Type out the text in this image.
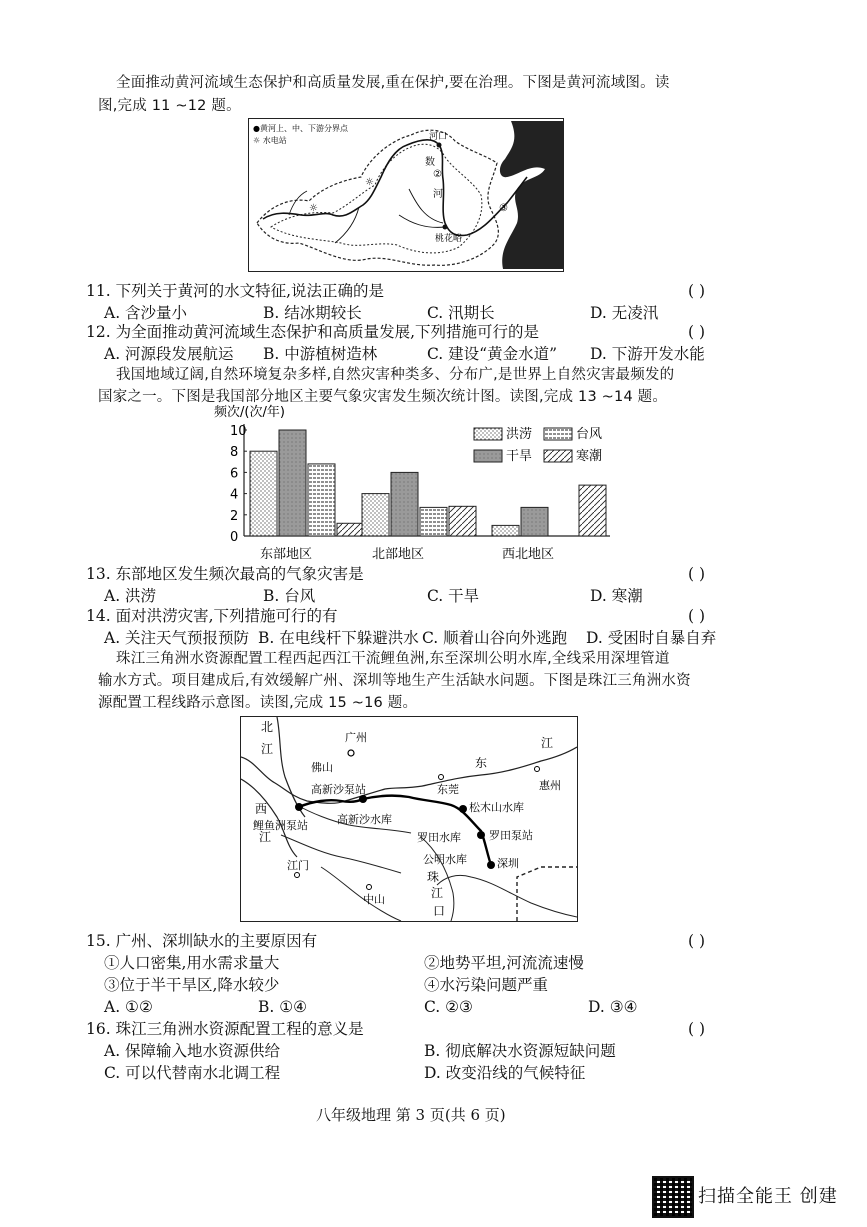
全面推动黄河流域生态保护和高质量发展,重在保护,要在治理。下图是黄河流域图。读
图,完成 11 ~12 题。
☼
☼
●黄河上、中、下游分界点
☼ 水电站	河口
数
河
②
③
桃花峪
11. 下列关于黄河的水文特征,说法正确的是	( )
A. 含沙量小	B. 结冰期较长	C. 汛期长	D. 无凌汛
12. 为全面推动黄河流域生态保护和高质量发展,下列措施可行的是	( )
A. 河源段发展航运 B. 中游植树造林	C. 建设“黄金水道” D. 下游开发水能
我国地域辽阔,自然环境复杂多样,自然灾害种类多、分布广,是世界上自然灾害最频发的
国家之一。下图是我国部分地区主要气象灾害发生频次统计图。读图,完成 13 ~14 题。
频次/(次/年)
0
2
4
6
8
10	洪涝	台风
干旱	寒潮
东部地区	北部地区	西北地区
13. 东部地区发生频次最高的气象灾害是	( )
A. 洪涝	B. 台风	C. 干旱	D. 寒潮
14. 面对洪涝灾害,下列措施可行的有	( )
A. 关注天气预报预防 B. 在电线杆下躲避洪水 C. 顺着山谷向外逃跑 D. 受困时自暴自弃
珠江三角洲水资源配置工程西起西江干流鲤鱼洲,东至深圳公明水库,全线采用深埋管道
输水方式。项目建成后,有效缓解广州、深圳等地生产生活缺水问题。下图是珠江三角洲水资
源配置工程线路示意图。读图,完成 15 ~16 题。
北
江
广州
佛山	东
江
惠州
西
江
高新沙泵站	东莞
松木山水库
鲤鱼洲泵站	高新沙水库
罗田水库	罗田泵站
公明水库	深圳
江门
中山
珠
江
口
15. 广州、深圳缺水的主要原因有	( )
①人口密集,用水需求量大	②地势平坦,河流流速慢
③位于半干旱区,降水较少	④水污染问题严重
A. ①②	B. ①④	C. ②③	D. ③④
16. 珠江三角洲水资源配置工程的意义是	( )
A. 保障输入地水资源供给	B. 彻底解决水资源短缺问题
C. 可以代替南水北调工程	D. 改变沿线的气候特征
八年级地理 第 3 页(共 6 页)
扫描全能王 创建
